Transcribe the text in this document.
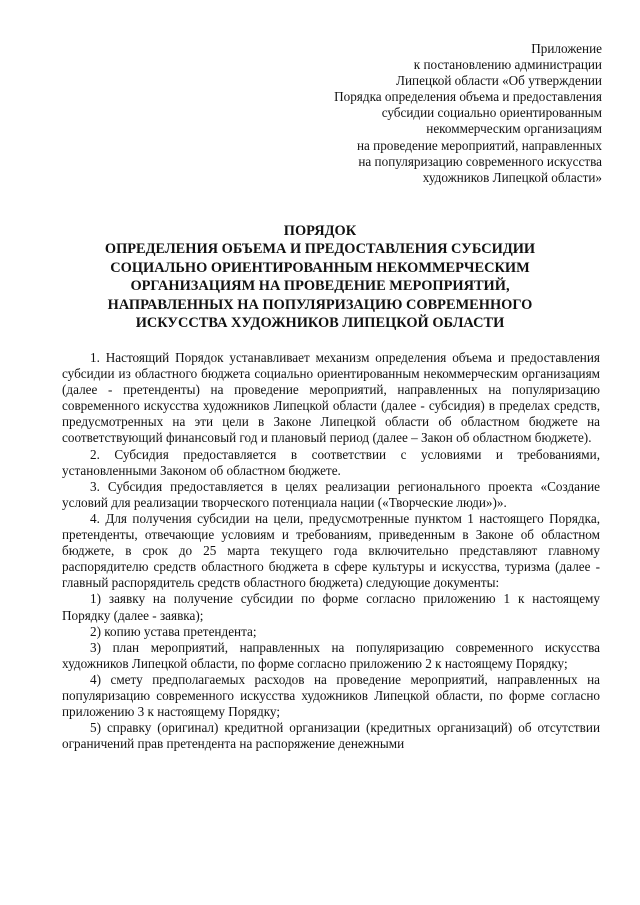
Приложение
к постановлению администрации
Липецкой области «Об утверждении
Порядка определения объема и предоставления
субсидии социально ориентированным
некоммерческим организациям
на проведение мероприятий, направленных
на популяризацию современного искусства
художников Липецкой области»
ПОРЯДОК
ОПРЕДЕЛЕНИЯ ОБЪЕМА И ПРЕДОСТАВЛЕНИЯ СУБСИДИИ
СОЦИАЛЬНО ОРИЕНТИРОВАННЫМ НЕКОММЕРЧЕСКИМ
ОРГАНИЗАЦИЯМ НА ПРОВЕДЕНИЕ МЕРОПРИЯТИЙ,
НАПРАВЛЕННЫХ НА ПОПУЛЯРИЗАЦИЮ СОВРЕМЕННОГО
ИСКУССТВА ХУДОЖНИКОВ ЛИПЕЦКОЙ ОБЛАСТИ

1. Настоящий Порядок устанавливает механизм определения объема и предоставления субсидии из областного бюджета социально ориентированным некоммерческим организациям (далее - претенденты) на проведение мероприятий, направленных на популяризацию современного искусства художников Липецкой области (далее - субсидия) в пределах средств, предусмотренных на эти цели в Законе Липецкой области об областном бюджете на соответствующий финансовый год и плановый период (далее – Закон об областном бюджете).

2. Субсидия предоставляется в соответствии с условиями и требованиями, установленными Законом об областном бюджете.

3. Субсидия предоставляется в целях реализации регионального проекта «Создание условий для реализации творческого потенциала нации («Творческие люди»)».

4. Для получения субсидии на цели, предусмотренные пунктом 1 настоящего Порядка, претенденты, отвечающие условиям и требованиям, приведенным в Законе об областном бюджете, в срок до 25 марта текущего года включительно представляют главному распорядителю средств областного бюджета в сфере культуры и искусства, туризма (далее - главный распорядитель средств областного бюджета) следующие документы:

1) заявку на получение субсидии по форме согласно приложению 1 к настоящему Порядку (далее - заявка);

2) копию устава претендента;

3) план мероприятий, направленных на популяризацию современного искусства художников Липецкой области, по форме согласно приложению 2 к настоящему Порядку;

4) смету предполагаемых расходов на проведение мероприятий, направленных на популяризацию современного искусства художников Липецкой области, по форме согласно приложению 3 к настоящему Порядку;

5) справку (оригинал) кредитной организации (кредитных организаций) об отсутствии ограничений прав претендента на распоряжение денежными
